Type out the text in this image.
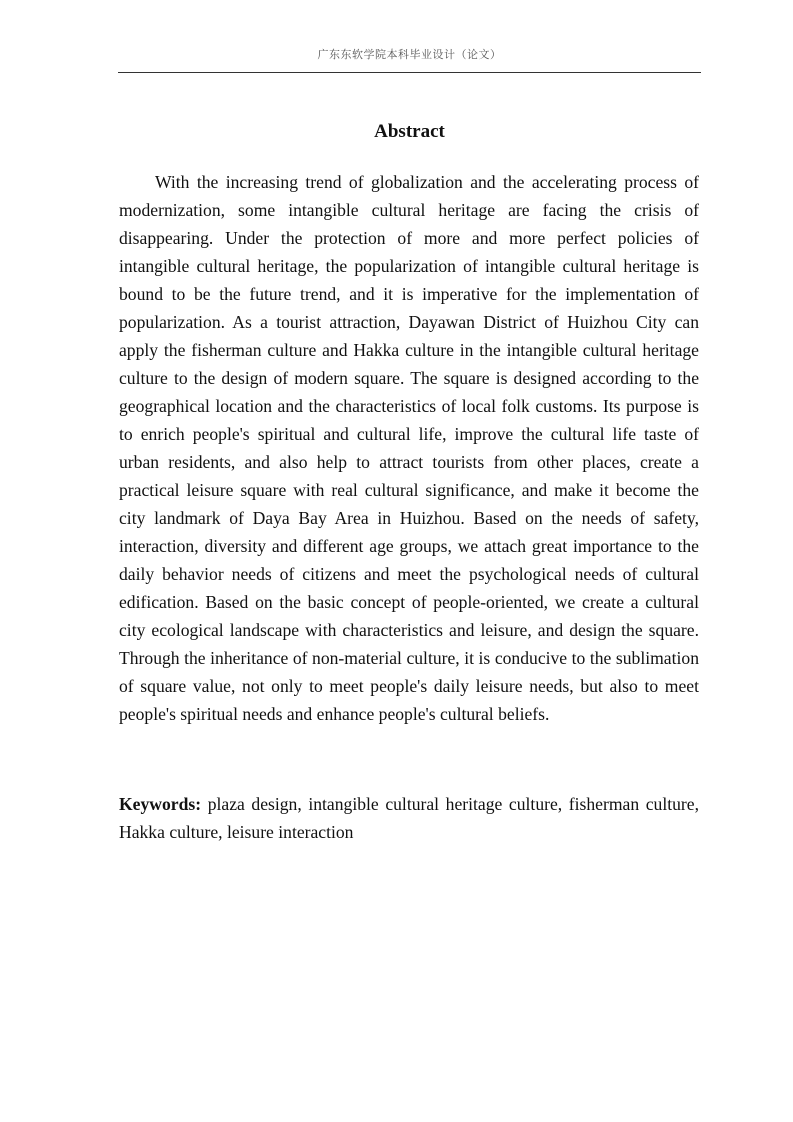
广东东软学院本科毕业设计（论文）
Abstract

With the increasing trend of globalization and the accelerating process of modernization, some intangible cultural heritage are facing the crisis of disappearing. Under the protection of more and more perfect policies of intangible cultural heritage, the popularization of intangible cultural heritage is bound to be the future trend, and it is imperative for the implementation of popularization. As a tourist attraction, Dayawan District of Huizhou City can apply the fisherman culture and Hakka culture in the intangible cultural heritage culture to the design of modern square. The square is designed according to the geographical location and the characteristics of local folk customs. Its purpose is to enrich people's spiritual and cultural life, improve the cultural life taste of urban residents, and also help to attract tourists from other places, create a practical leisure square with real cultural significance, and make it become the city landmark of Daya Bay Area in Huizhou. Based on the needs of safety, interaction, diversity and different age groups, we attach great importance to the daily behavior needs of citizens and meet the psychological needs of cultural edification. Based on the basic concept of people-oriented, we create a cultural city ecological landscape with characteristics and leisure, and design the square. Through the inheritance of non-material culture, it is conducive to the sublimation of square value, not only to meet people's daily leisure needs, but also to meet people's spiritual needs and enhance people's cultural beliefs.

Keywords: plaza design, intangible cultural heritage culture, fisherman culture, Hakka culture, leisure interaction
